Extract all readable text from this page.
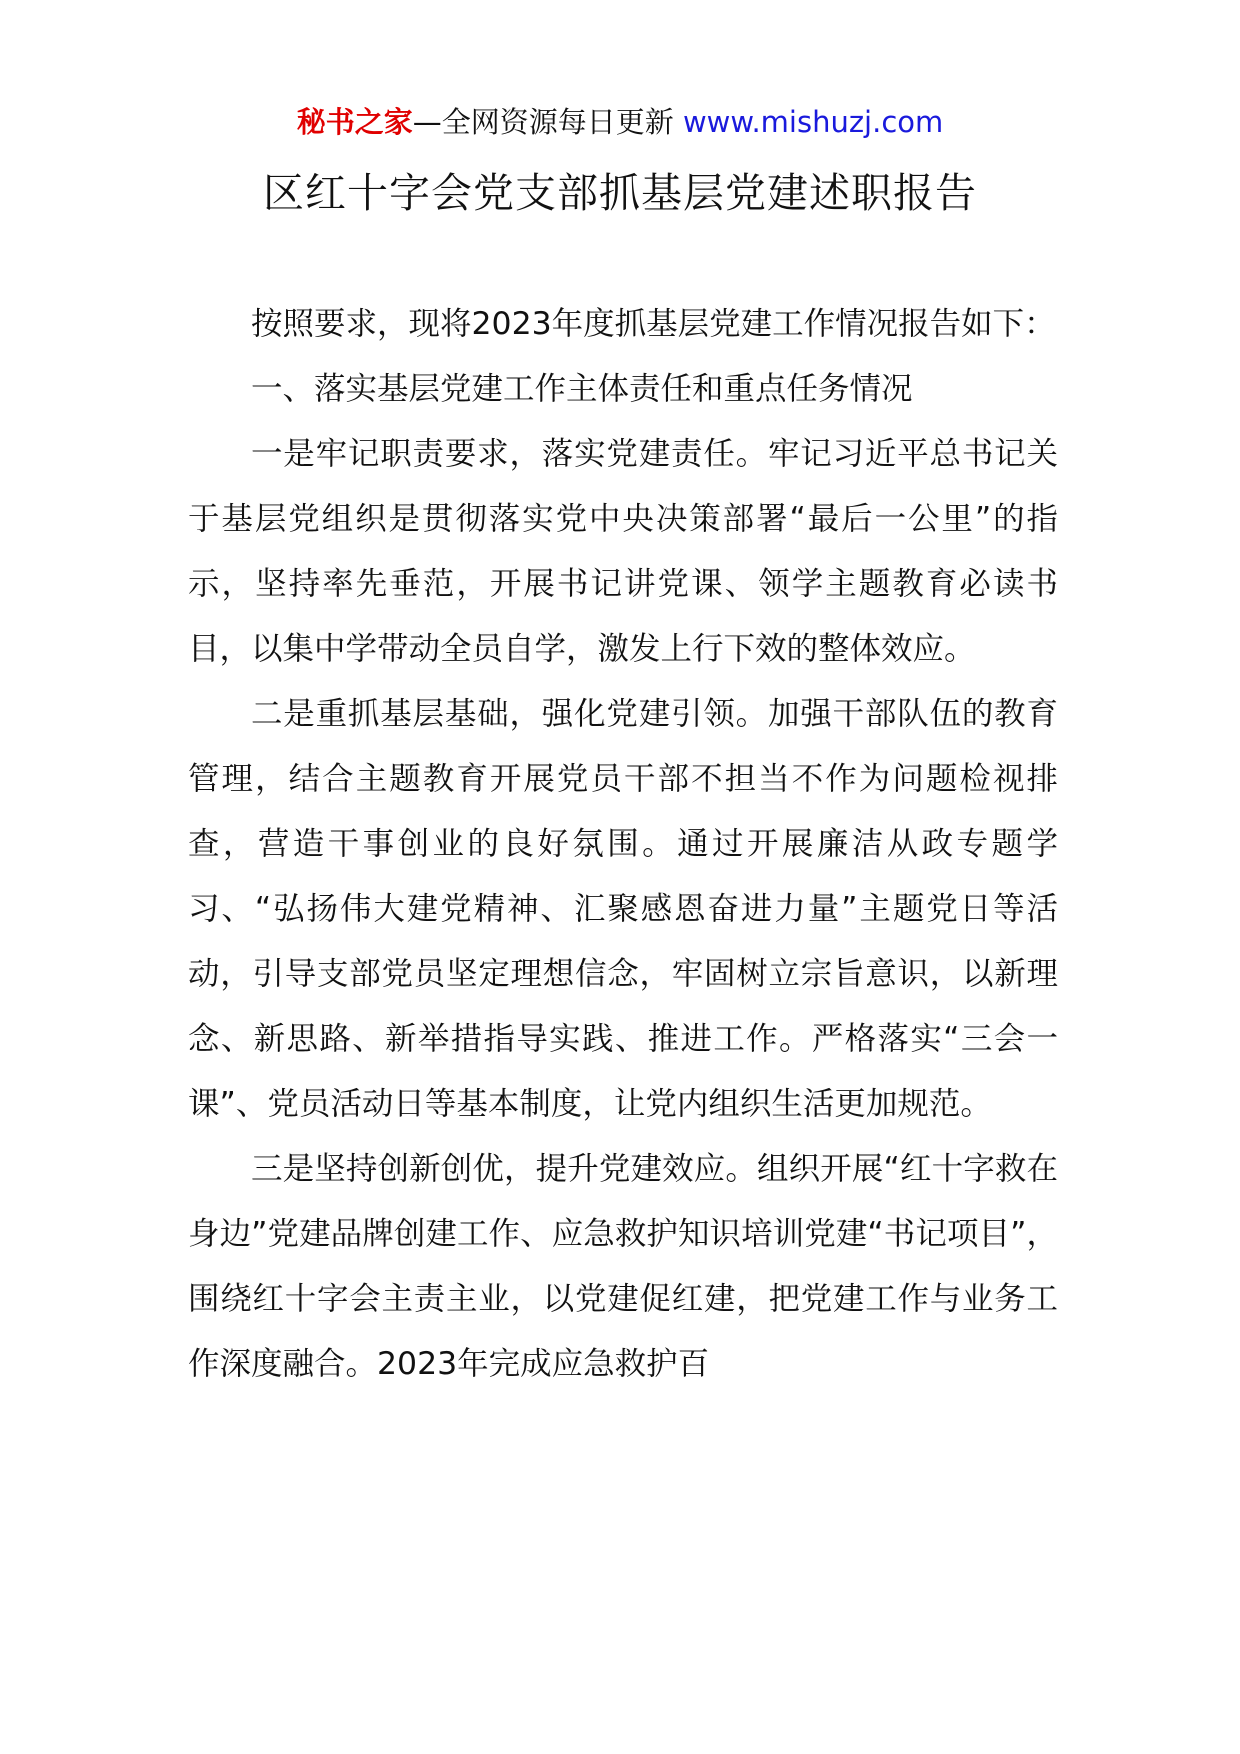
秘书之家—全网资源每日更新 www.mishuzj.com
区红十字会党支部抓基层党建述职报告

按照要求，现将2023年度抓基层党建工作情况报告如下：

一、落实基层党建工作主体责任和重点任务情况

一是牢记职责要求，落实党建责任。牢记习近平总书记关于基层党组织是贯彻落实党中央决策部署“最后一公里”的指示，坚持率先垂范，开展书记讲党课、领学主题教育必读书目，以集中学带动全员自学，激发上行下效的整体效应。

二是重抓基层基础，强化党建引领。加强干部队伍的教育管理，结合主题教育开展党员干部不担当不作为问题检视排查，营造干事创业的良好氛围。通过开展廉洁从政专题学习、“弘扬伟大建党精神、汇聚感恩奋进力量”主题党日等活动，引导支部党员坚定理想信念，牢固树立宗旨意识，以新理念、新思路、新举措指导实践、推进工作。严格落实“三会一课”、党员活动日等基本制度，让党内组织生活更加规范。

三是坚持创新创优，提升党建效应。组织开展“红十字救在身边”党建品牌创建工作、应急救护知识培训党建“书记项目”，围绕红十字会主责主业，以党建促红建，把党建工作与业务工作深度融合。2023年完成应急救护百
